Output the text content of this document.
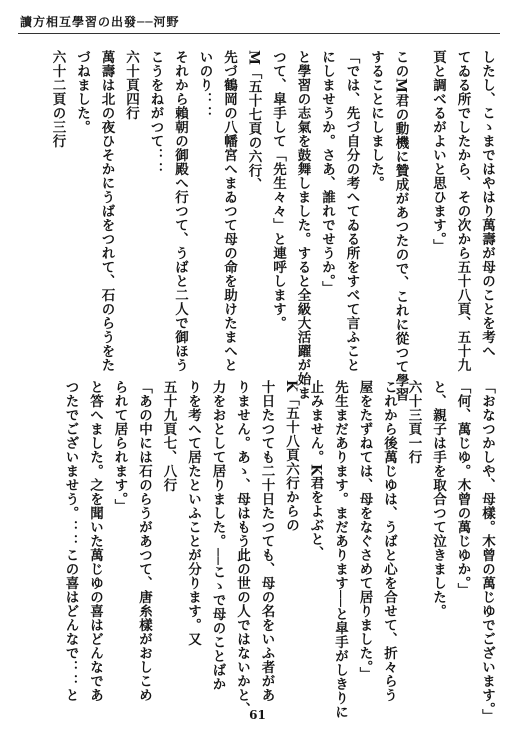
讀方相互學習の出發──河野
したし、こゝまではやはり萬壽が母のことを考へ
てゐる所でしたから、その次から五十八頁、五十九
頁と調べるがよいと思ひます。」
このM君の動機に贊成があつたので、これに從つて學習
することにしました。
「では、先づ自分の考へてゐる所をすべて言ふこと
にしませうか。さあ、誰れでせうか。」
と學習の志氣を鼓舞しました。すると全級大活躍が始ま
つて、皐手して「先生々々」と連呼します。
M「五十七頁の六行、
先づ鶴岡の八幡宮へまゐつて母の命を助けたまへと
いのり：：
それから賴朝の御殿へ行つて、うばと二人で御ほう
こうをねがつて：：
六十頁四行
萬壽は北の夜ひそかにうばをつれて、石のらうをた
づねました。
六十二頁の三行
「おなつかしや、母樣。木曾の萬じゆでございます。」
「何、萬じゆ。木曾の萬じゆか。」
と、親子は手を取合つて泣きました。
六十三頁一行
これから後萬じゆは、うばと心を合せて、折々らう
屋をたずねては、母をなぐさめて居りました。」
先生まだあります。まだあります──と皐手がしきりに
止みません。K君をよぶと、
K「五十八頁六行からの
十日たつても二十日たつても、母の名をいふ者があ
りません。あゝ、母はもう此の世の人ではないかと、
力をおとして居りました。──こゝで母のことばか
りを考へて居たといふことが分ります。又
五十九頁七、八行
「あの中には石のらうがあつて、唐糸樣がおしこめ
られて居られます。」
と答へました。之を聞いた萬じゆの喜はどんなであ
つたでございませう。：：この喜はどんなで：：と
61
